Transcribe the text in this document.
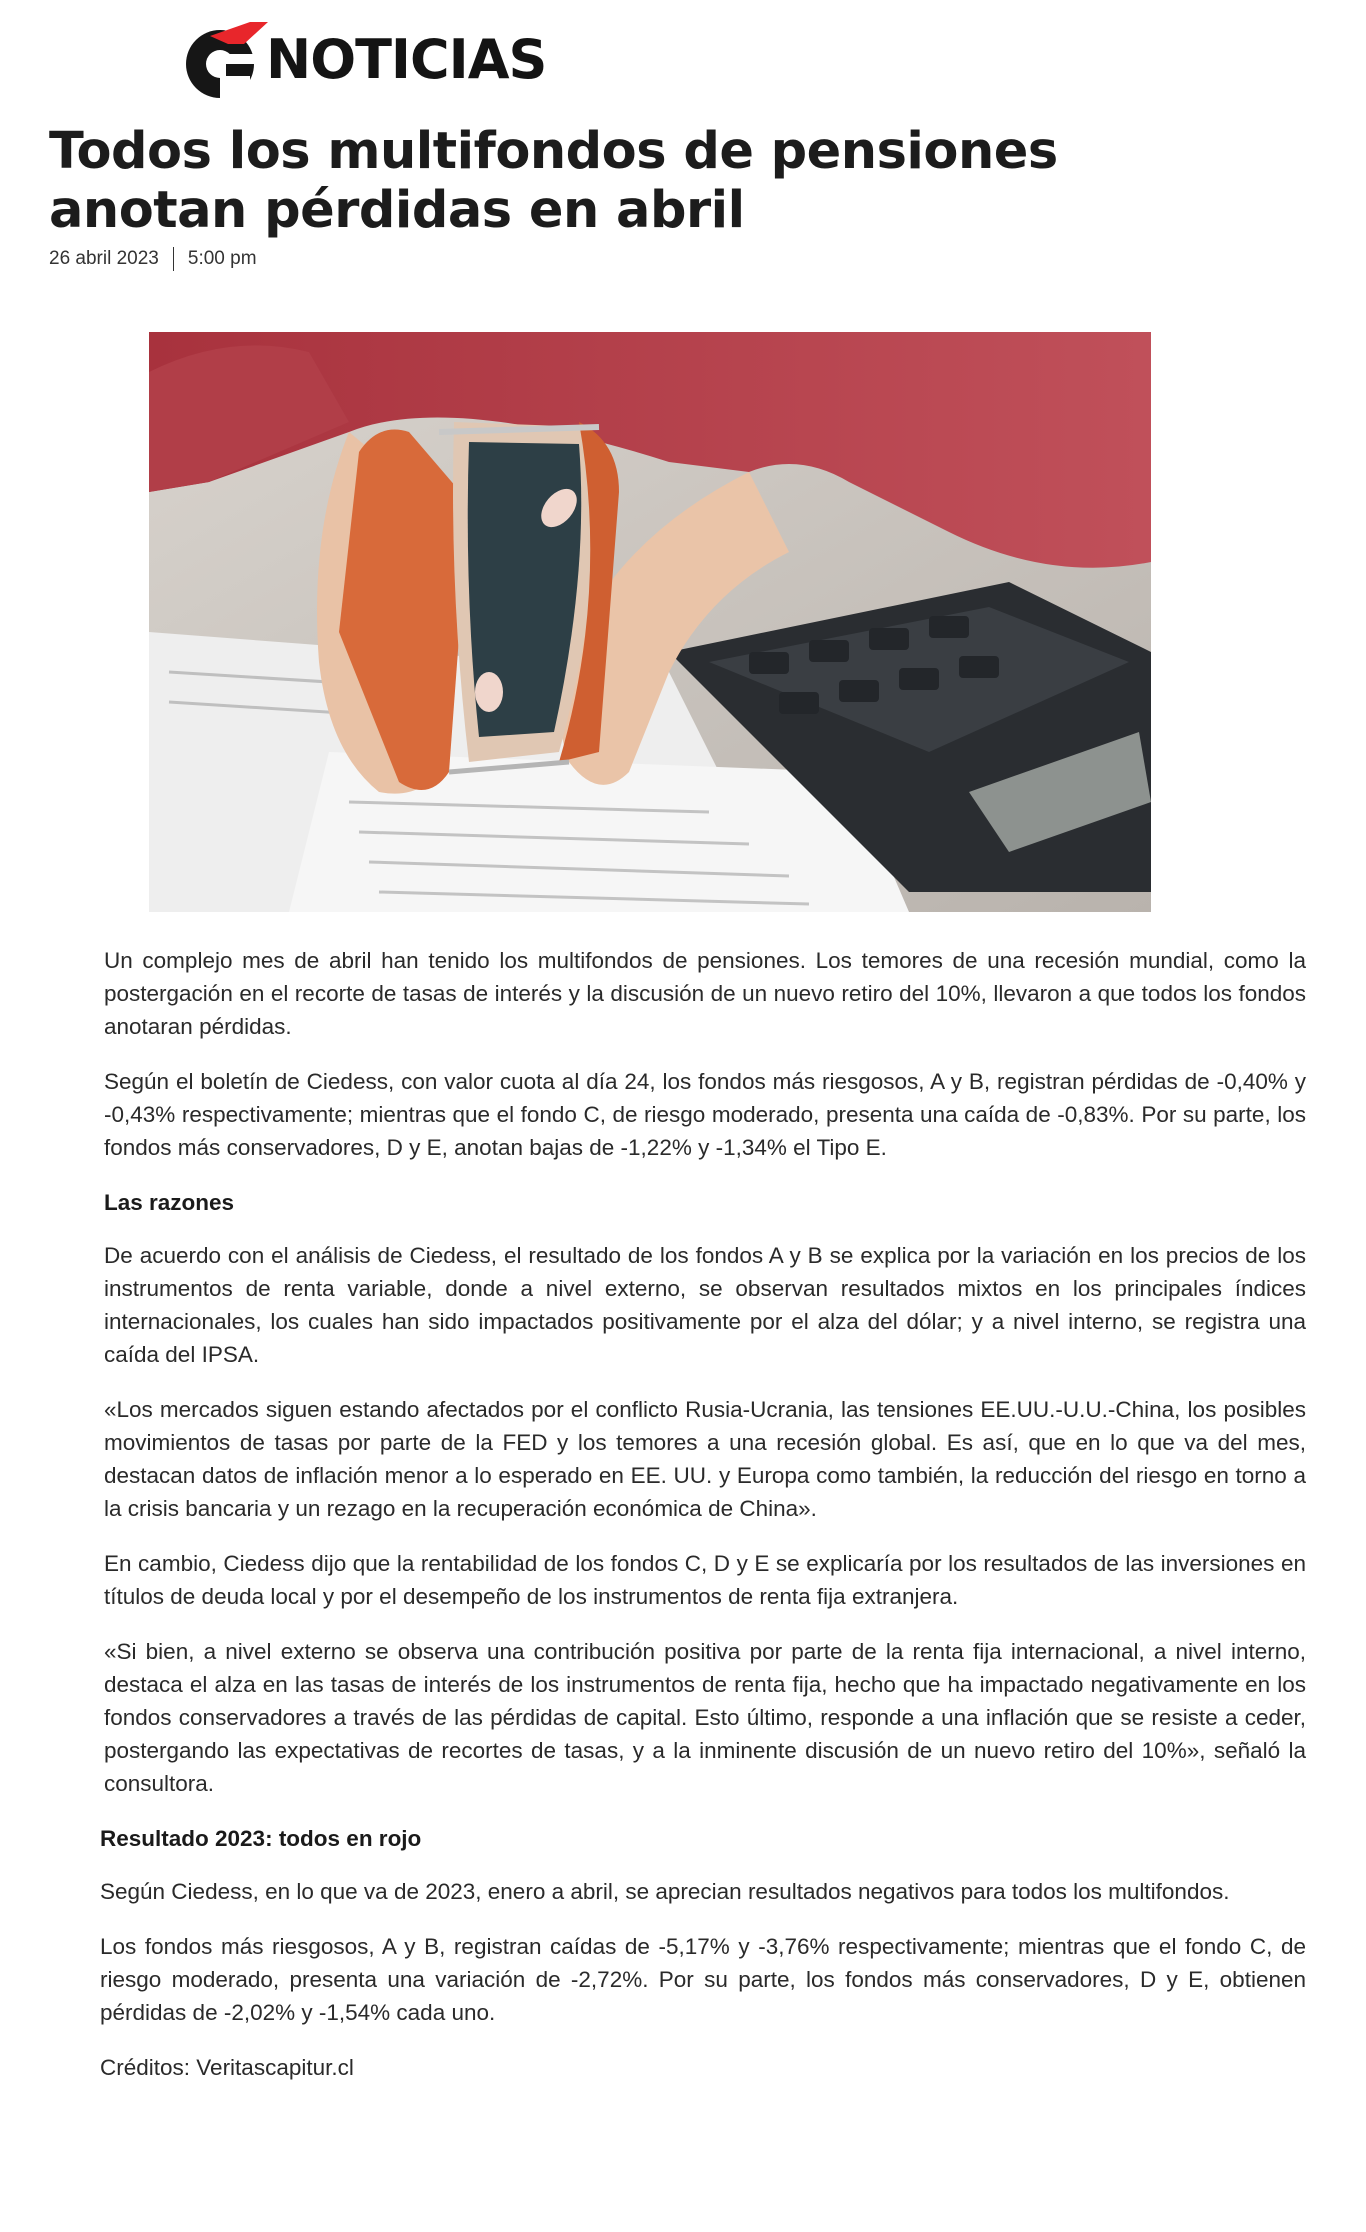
NOTICIAS
Todos los multifondos de pensiones anotan pérdidas en abril
26 abril 2023 5:00 pm

Un complejo mes de abril han tenido los multifondos de pensiones. Los temores de una recesión mundial, como la postergación en el recorte de tasas de interés y la discusión de un nuevo retiro del 10%, llevaron a que todos los fondos anotaran pérdidas.

Según el boletín de Ciedess, con valor cuota al día 24, los fondos más riesgosos, A y B, registran pérdidas de -0,40% y -0,43% respectivamente; mientras que el fondo C, de riesgo moderado, presenta una caída de -0,83%. Por su parte, los fondos más conservadores, D y E, anotan bajas de -1,22% y -1,34% el Tipo E.

Las razones

De acuerdo con el análisis de Ciedess, el resultado de los fondos A y B se explica por la variación en los precios de los instrumentos de renta variable, donde a nivel externo, se observan resultados mixtos en los principales índices internacionales, los cuales han sido impactados positivamente por el alza del dólar; y a nivel interno, se registra una caída del IPSA.

«Los mercados siguen estando afectados por el conflicto Rusia-Ucrania, las tensiones EE.UU.-U.U.-China, los posibles movimientos de tasas por parte de la FED y los temores a una recesión global. Es así, que en lo que va del mes, destacan datos de inflación menor a lo esperado en EE. UU. y Europa como también, la reducción del riesgo en torno a la crisis bancaria y un rezago en la recuperación económica de China».

En cambio, Ciedess dijo que la rentabilidad de los fondos C, D y E se explicaría por los resultados de las inversiones en títulos de deuda local y por el desempeño de los instrumentos de renta fija extranjera.

«Si bien, a nivel externo se observa una contribución positiva por parte de la renta fija internacional, a nivel interno, destaca el alza en las tasas de interés de los instrumentos de renta fija, hecho que ha impactado negativamente en los fondos conservadores a través de las pérdidas de capital. Esto último, responde a una inflación que se resiste a ceder, postergando las expectativas de recortes de tasas, y a la inminente discusión de un nuevo retiro del 10%», señaló la consultora.

Resultado 2023: todos en rojo

Según Ciedess, en lo que va de 2023, enero a abril, se aprecian resultados negativos para todos los multifondos.

Los fondos más riesgosos, A y B, registran caídas de -5,17% y -3,76% respectivamente; mientras que el fondo C, de riesgo moderado, presenta una variación de -2,72%. Por su parte, los fondos más conservadores, D y E, obtienen pérdidas de -2,02% y -1,54% cada uno.

Créditos: Veritascapitur.cl
